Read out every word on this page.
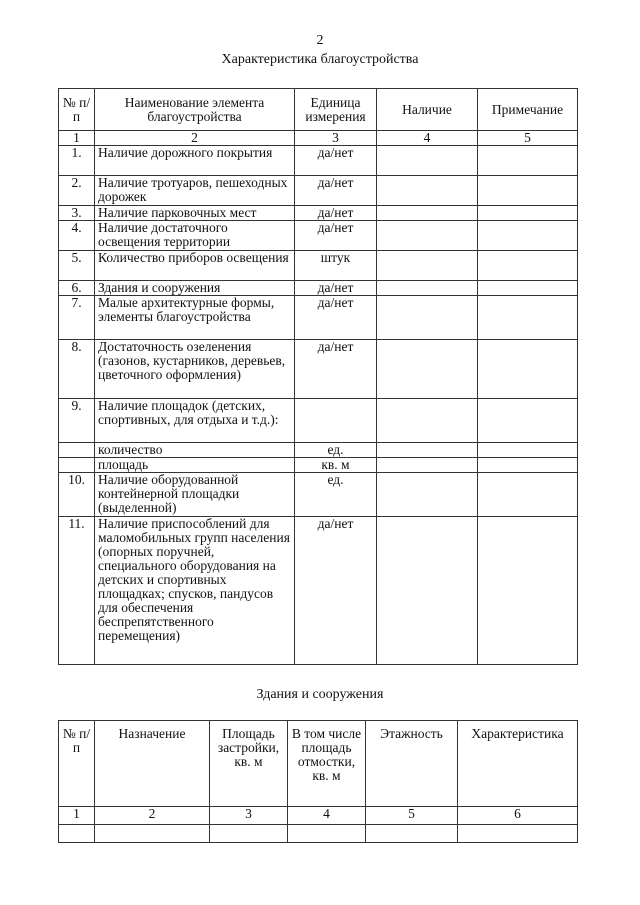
2
Характеристика благоустройства
№ п/п	Наименование элемента благоустройства	Единица измерения	Наличие	Примечание
1	2	3	4	5
1.	Наличие дорожного покрытия	да/нет		
2.	Наличие тротуаров, пешеходных дорожек	да/нет		
3.	Наличие парковочных мест	да/нет		
4.	Наличие достаточного освещения территории	да/нет		
5.	Количество приборов освещения	штук		
6.	Здания и сооружения	да/нет		
7.	Малые архитектурные формы, элементы благоустройства	да/нет		
8.	Достаточность озеленения (газонов, кустарников, деревьев, цветочного оформления)	да/нет		
9.	Наличие площадок (детских, спортивных, для отдыха и т.д.):			
	количество	ед.		
	площадь	кв. м		
10.	Наличие оборудованной контейнерной площадки (выделенной)	ед.		
11.	Наличие приспособлений для маломобильных групп населения (опорных поручней, специального оборудования на детских и спортивных площадках; спусков, пандусов для обеспечения беспрепятственного перемещения)	да/нет		
Здания и сооружения
№ п/п	Назначение	Площадь застройки, кв. м	В том числе площадь отмостки, кв. м	Этажность	Характеристика
1	2	3	4	5	6
